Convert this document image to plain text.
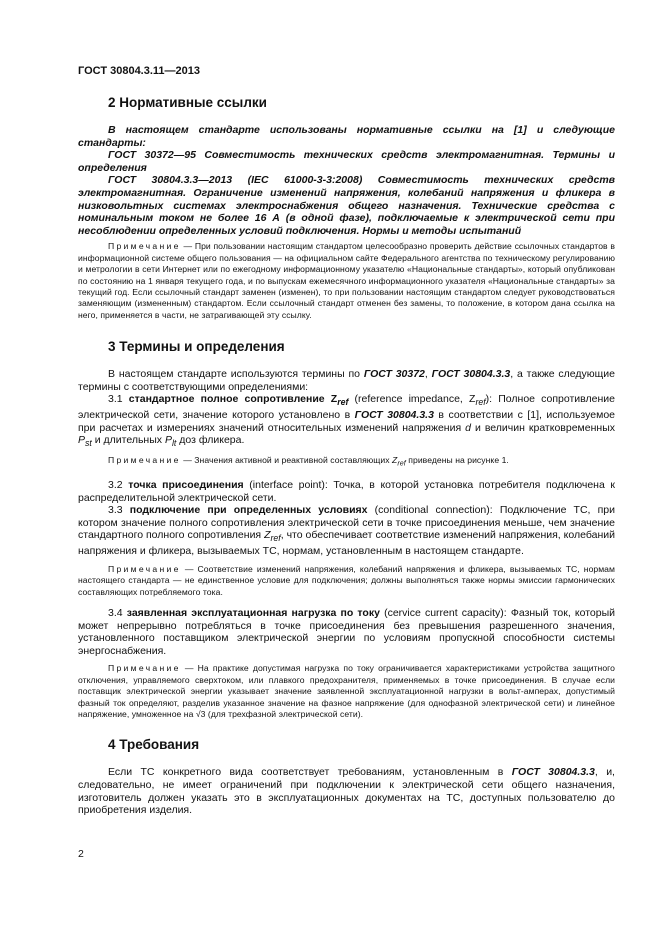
ГОСТ 30804.3.11—2013
2 Нормативные ссылки

В настоящем стандарте использованы нормативные ссылки на [1] и следующие стандарты:

ГОСТ 30372—95 Совместимость технических средств электромагнитная. Термины и определения

ГОСТ 30804.3.3—2013 (IEC 61000-3-3:2008) Совместимость технических средств электромагнитная. Ограничение изменений напряжения, колебаний напряжения и фликера в низковольтных системах электроснабжения общего назначения. Технические средства с номинальным током не более 16 А (в одной фазе), подключаемые к электрической сети при несоблюдении определенных условий подключения. Нормы и методы испытаний

Примечание — При пользовании настоящим стандартом целесообразно проверить действие ссылочных стандартов в информационной системе общего пользования — на официальном сайте Федерального агентства по техническому регулированию и метрологии в сети Интернет или по ежегодному информационному указателю «Национальные стандарты», который опубликован по состоянию на 1 января текущего года, и по выпускам ежемесячного информационного указателя «Национальные стандарты» за текущий год. Если ссылочный стандарт заменен (изменен), то при пользовании настоящим стандартом следует руководствоваться заменяющим (измененным) стандартом. Если ссылочный стандарт отменен без замены, то положение, в котором дана ссылка на него, применяется в части, не затрагивающей эту ссылку.

3 Термины и определения

В настоящем стандарте используются термины по ГОСТ 30372, ГОСТ 30804.3.3, а также следующие термины с соответствующими определениями:

3.1 стандартное полное сопротивление $Z_{ref}$ (reference impedance, $Z_{ref}$): Полное сопротивление электрической сети, значение которого установлено в ГОСТ 30804.3.3 в соответствии с [1], используемое при расчетах и измерениях значений относительных изменений напряжения d и величин кратковременных $P_{st}$ и длительных $P_{lt}$ доз фликера.

Примечание — Значения активной и реактивной составляющих $Z_{ref}$ приведены на рисунке 1.

3.2 точка присоединения (interface point): Точка, в которой установка потребителя подключена к распределительной электрической сети.

3.3 подключение при определенных условиях (conditional connection): Подключение ТС, при котором значение полного сопротивления электрической сети в точке присоединения меньше, чем значение стандартного полного сопротивления $Z_{ref}$, что обеспечивает соответствие изменений напряжения, колебаний напряжения и фликера, вызываемых ТС, нормам, установленным в настоящем стандарте.

Примечание — Соответствие изменений напряжения, колебаний напряжения и фликера, вызываемых ТС, нормам настоящего стандарта — не единственное условие для подключения; должны выполняться также нормы эмиссии гармонических составляющих потребляемого тока.

3.4 заявленная эксплуатационная нагрузка по току (cervice current capacity): Фазный ток, который может непрерывно потребляться в точке присоединения без превышения разрешенного значения, установленного поставщиком электрической энергии по условиям пропускной способности системы энергоснабжения.

Примечание — На практике допустимая нагрузка по току ограничивается характеристиками устройства защитного отключения, управляемого сверхтоком, или плавкого предохранителя, применяемых в точке присоединения. В случае если поставщик электрической энергии указывает значение заявленной эксплуатационной нагрузки в вольт-амперах, допустимый фазный ток определяют, разделив указанное значение на фазное напряжение (для однофазной электрической сети) и линейное напряжение, умноженное на √3 (для трехфазной электрической сети).

4 Требования

Если ТС конкретного вида соответствует требованиям, установленным в ГОСТ 30804.3.3, и, следовательно, не имеет ограничений при подключении к электрической сети общего назначения, изготовитель должен указать это в эксплуатационных документах на ТС, доступных пользователю до приобретения изделия.

2
